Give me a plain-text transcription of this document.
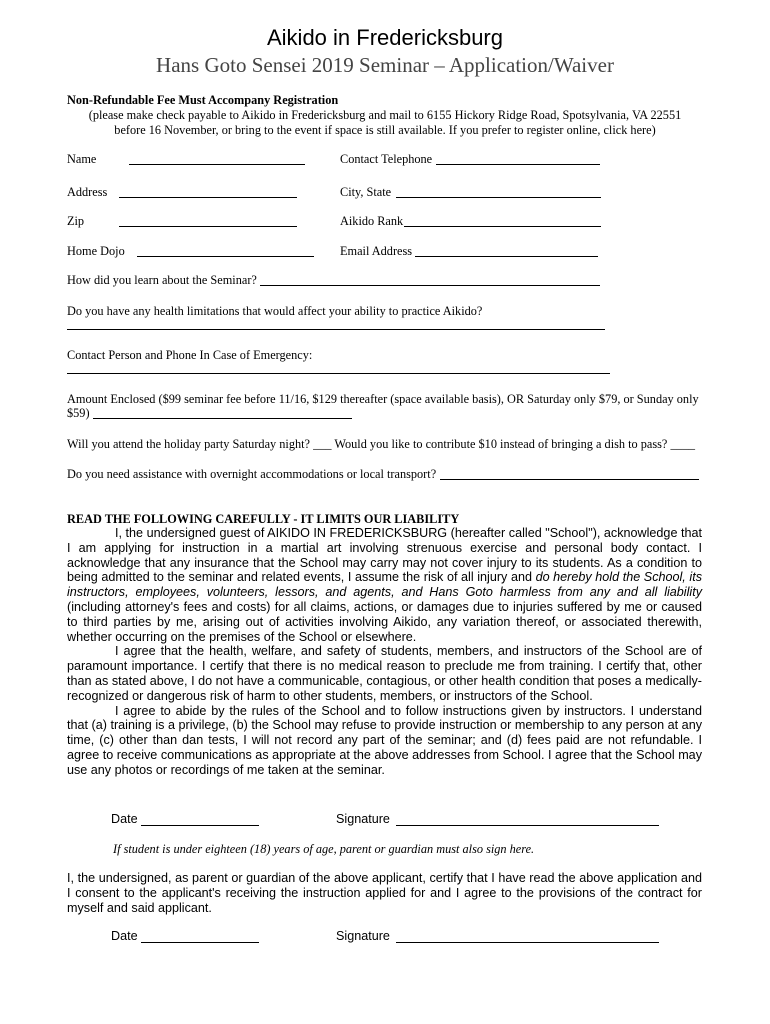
Aikido in Fredericksburg
Hans Goto Sensei 2019 Seminar – Application/Waiver
Non-Refundable Fee Must Accompany Registration
(please make check payable to Aikido in Fredericksburg and mail to 6155 Hickory Ridge Road, Spotsylvania, VA 22551
before 16 November, or bring to the event if space is still available. If you prefer to register online, click here)
Name	Contact Telephone
Address	City, State
Zip	Aikido Rank
Home Dojo	Email Address
How did you learn about the Seminar?
Do you have any health limitations that would affect your ability to practice Aikido?
Contact Person and Phone In Case of Emergency:
Amount Enclosed ($99 seminar fee before 11/16, $129 thereafter (space available basis), OR Saturday only $79, or Sunday only
$59)
Will you attend the holiday party Saturday night? ___ Would you like to contribute $10 instead of bringing a dish to pass? ____
Do you need assistance with overnight accommodations or local transport?
READ THE FOLLOWING CAREFULLY - IT LIMITS OUR LIABILITY

I, the undersigned guest of AIKIDO IN FREDERICKSBURG (hereafter called "School"), acknowledge that I am applying for instruction in a martial art involving strenuous exercise and personal body contact. I acknowledge that any insurance that the School may carry may not cover injury to its students. As a condition to being admitted to the seminar and related events, I assume the risk of all injury and do hereby hold the School, its instructors, employees, volunteers, lessors, and agents, and Hans Goto harmless from any and all liability (including attorney's fees and costs) for all claims, actions, or damages due to injuries suffered by me or caused to third parties by me, arising out of activities involving Aikido, any variation thereof, or associated therewith, whether occurring on the premises of the School or elsewhere.

I agree that the health, welfare, and safety of students, members, and instructors of the School are of paramount importance. I certify that there is no medical reason to preclude me from training. I certify that, other than as stated above, I do not have a communicable, contagious, or other health condition that poses a medically-recognized or dangerous risk of harm to other students, members, or instructors of the School.

I agree to abide by the rules of the School and to follow instructions given by instructors. I understand that (a) training is a privilege, (b) the School may refuse to provide instruction or membership to any person at any time, (c) other than dan tests, I will not record any part of the seminar; and (d) fees paid are not refundable. I agree to receive communications as appropriate at the above addresses from School. I agree that the School may use any photos or recordings of me taken at the seminar.

Date	Signature
If student is under eighteen (18) years of age, parent or guardian must also sign here.

I, the undersigned, as parent or guardian of the above applicant, certify that I have read the above application and I consent to the applicant's receiving the instruction applied for and I agree to the provisions of the contract for myself and said applicant.

Date	Signature
